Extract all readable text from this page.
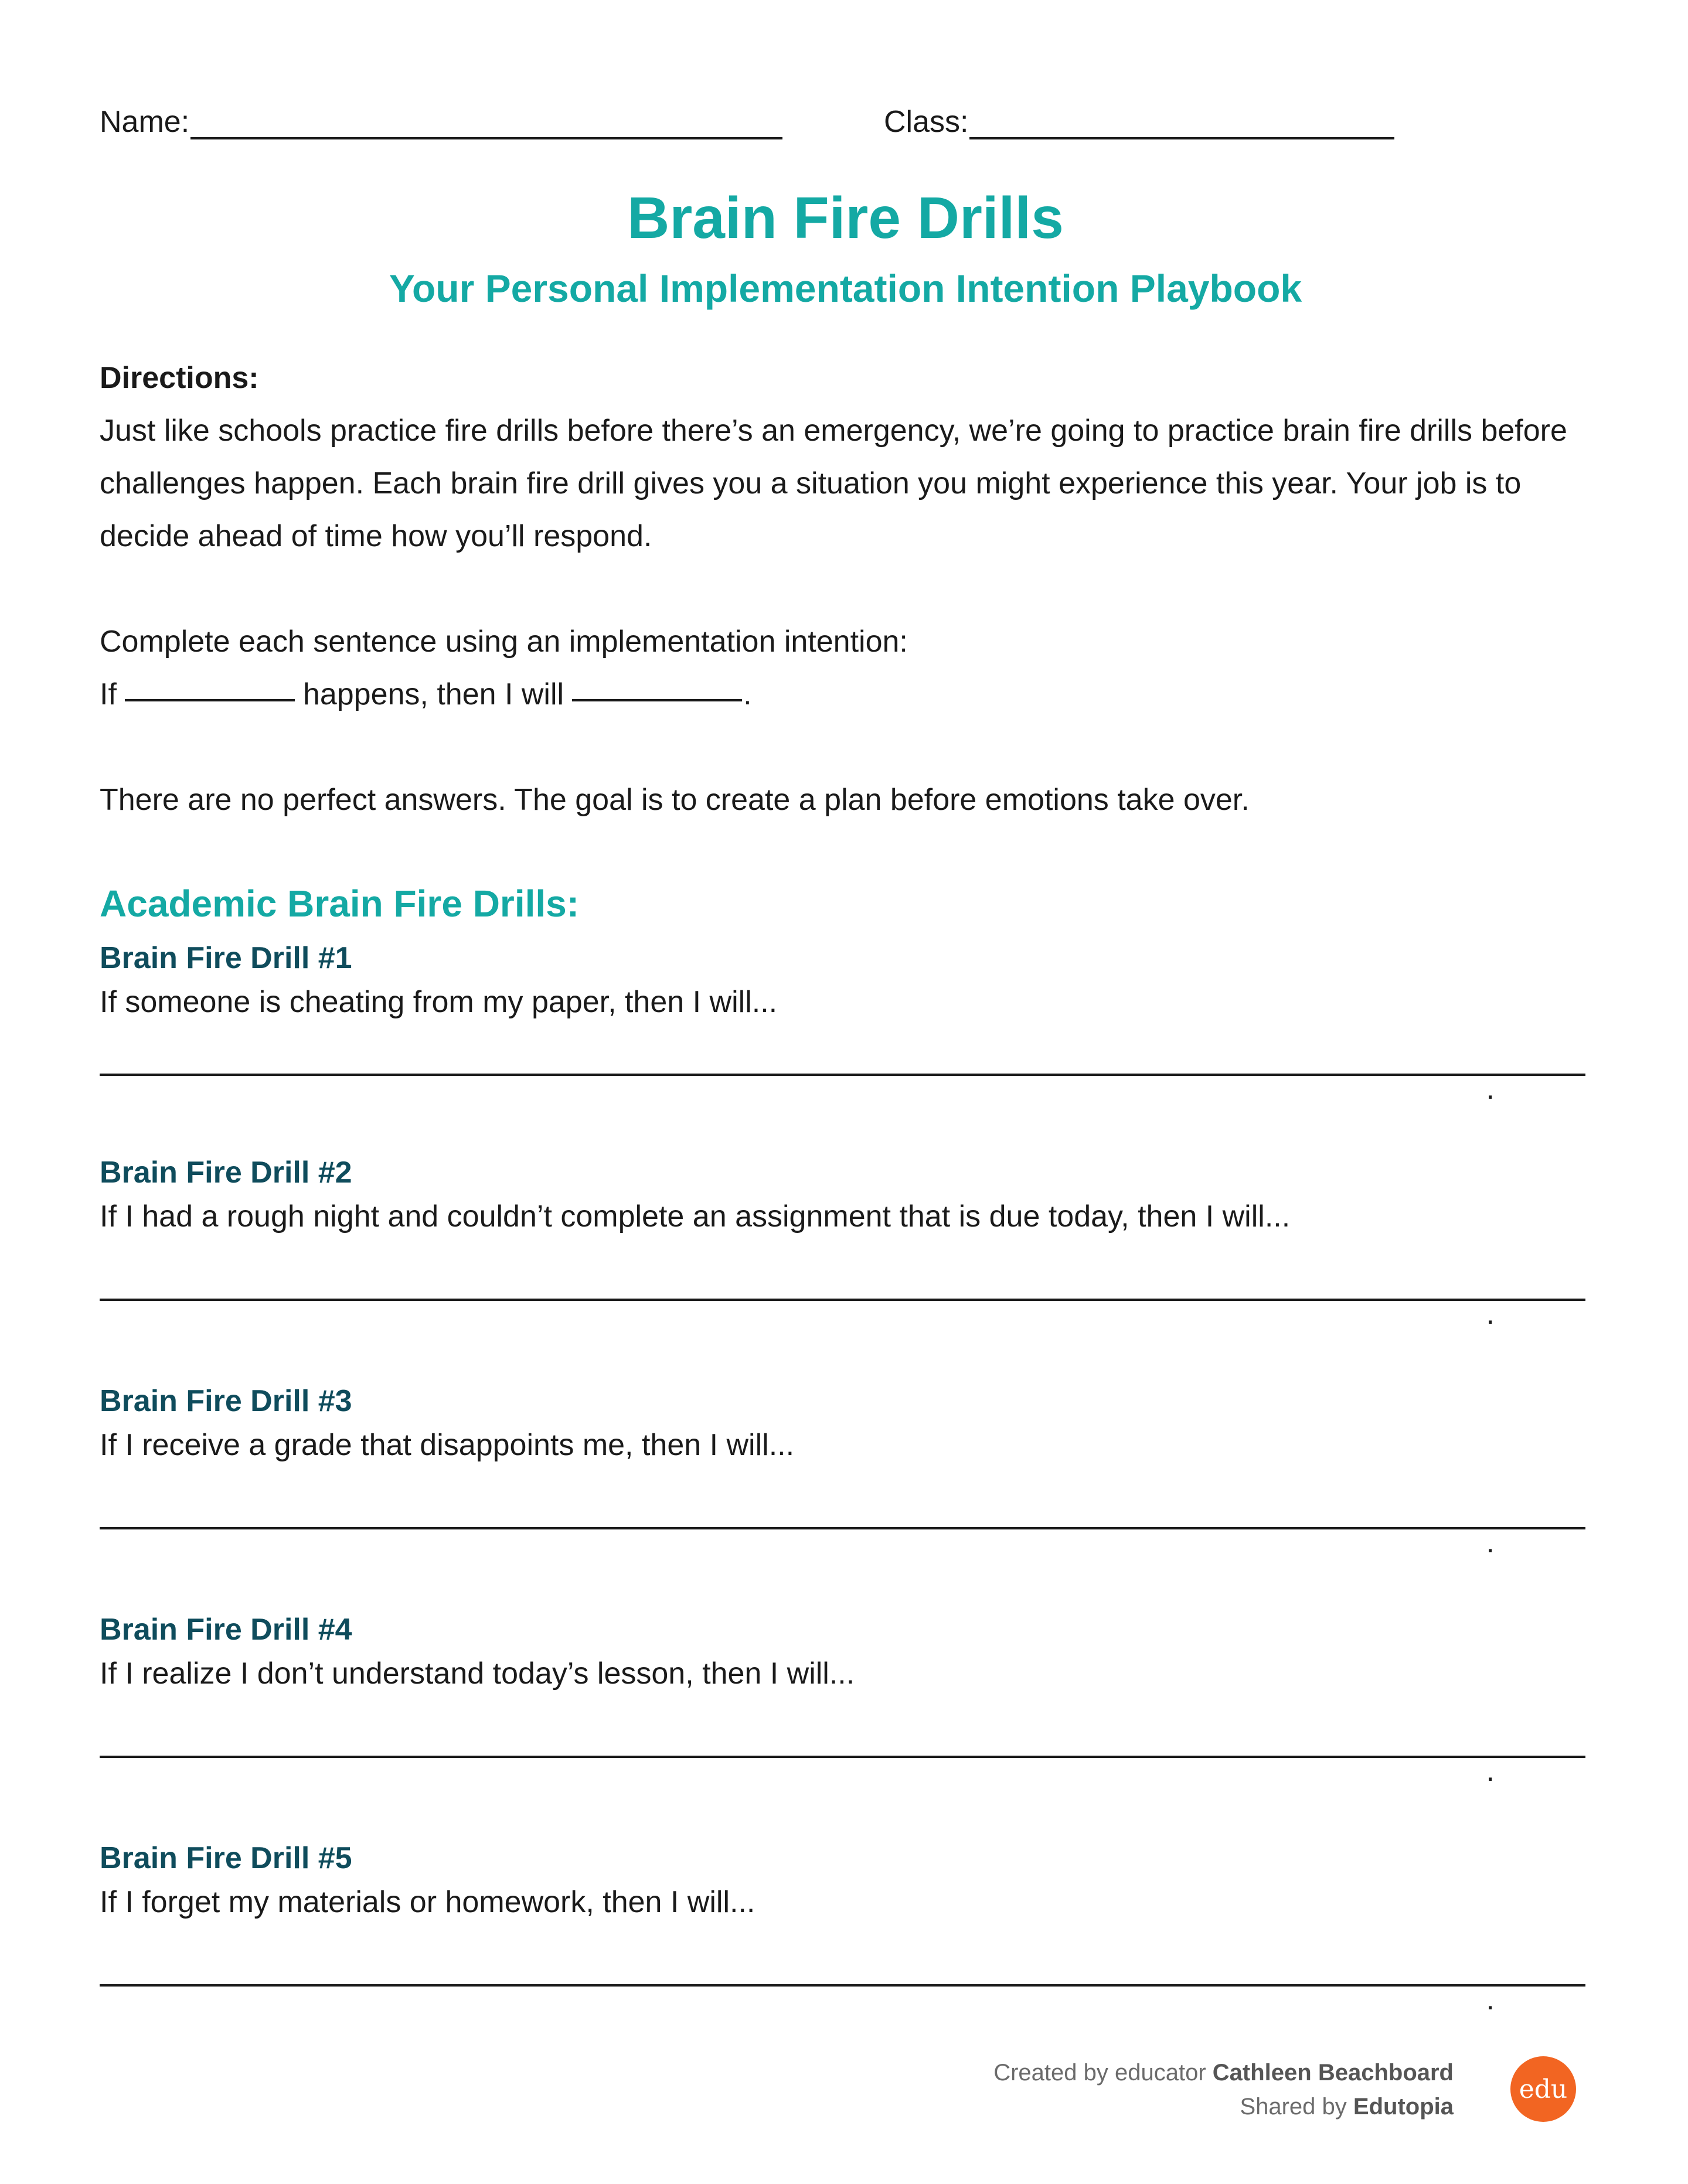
Name:	Class:
Brain Fire Drills
Your Personal Implementation Intention Playbook
Directions:
Just like schools practice fire drills before there’s an emergency, we’re going to practice brain fire drills before challenges happen. Each brain fire drill gives you a situation you might experience this year. Your job is to decide ahead of time how you’ll respond.
Complete each sentence using an implementation intention:
If	happens, then I will	.
There are no perfect answers. The goal is to create a plan before emotions take over.
Academic Brain Fire Drills:
Brain Fire Drill #1
If someone is cheating from my paper, then I will...
.
Brain Fire Drill #2
If I had a rough night and couldn’t complete an assignment that is due today, then I will...
.
Brain Fire Drill #3
If I receive a grade that disappoints me, then I will...
.
Brain Fire Drill #4
If I realize I don’t understand today’s lesson, then I will...
.
Brain Fire Drill #5
If I forget my materials or homework, then I will...
.
Created by educator Cathleen Beachboard
Shared by Edutopia
edu
